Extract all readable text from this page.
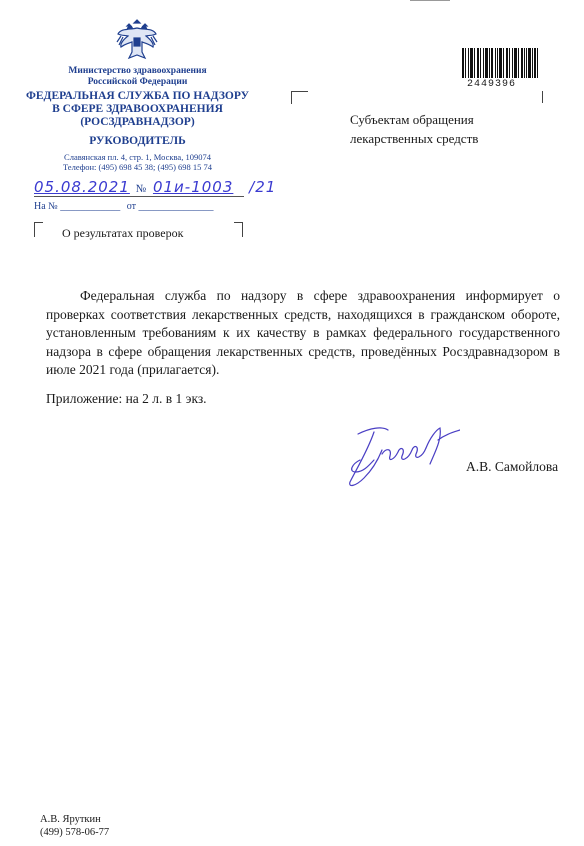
Министерство здравоохранения
Российской Федерации
ФЕДЕРАЛЬНАЯ СЛУЖБА ПО НАДЗОРУ
В СФЕРЕ ЗДРАВООХРАНЕНИЯ
(РОСЗДРАВНАДЗОР)
РУКОВОДИТЕЛЬ
Славянская пл. 4, стр. 1, Москва, 109074
Телефон: (495) 698 45 38; (495) 698 15 74
05.08.2021 № 01и-1003 /21
На № ____________ от _______________
О результатах проверок
Субъектам обращения
лекарственных средств
2449396
Федеральная служба по надзору в сфере здравоохранения информирует о проверках соответствия лекарственных средств, находящихся в гражданском обороте, установленным требованиям к их качеству в рамках федерального государственного надзора в сфере обращения лекарственных средств, проведённых Росздравнадзором в июле 2021 года (прилагается).
Приложение: на 2 л. в 1 экз.
А.В. Самойлова
А.В. Яруткин
(499) 578-06-77
